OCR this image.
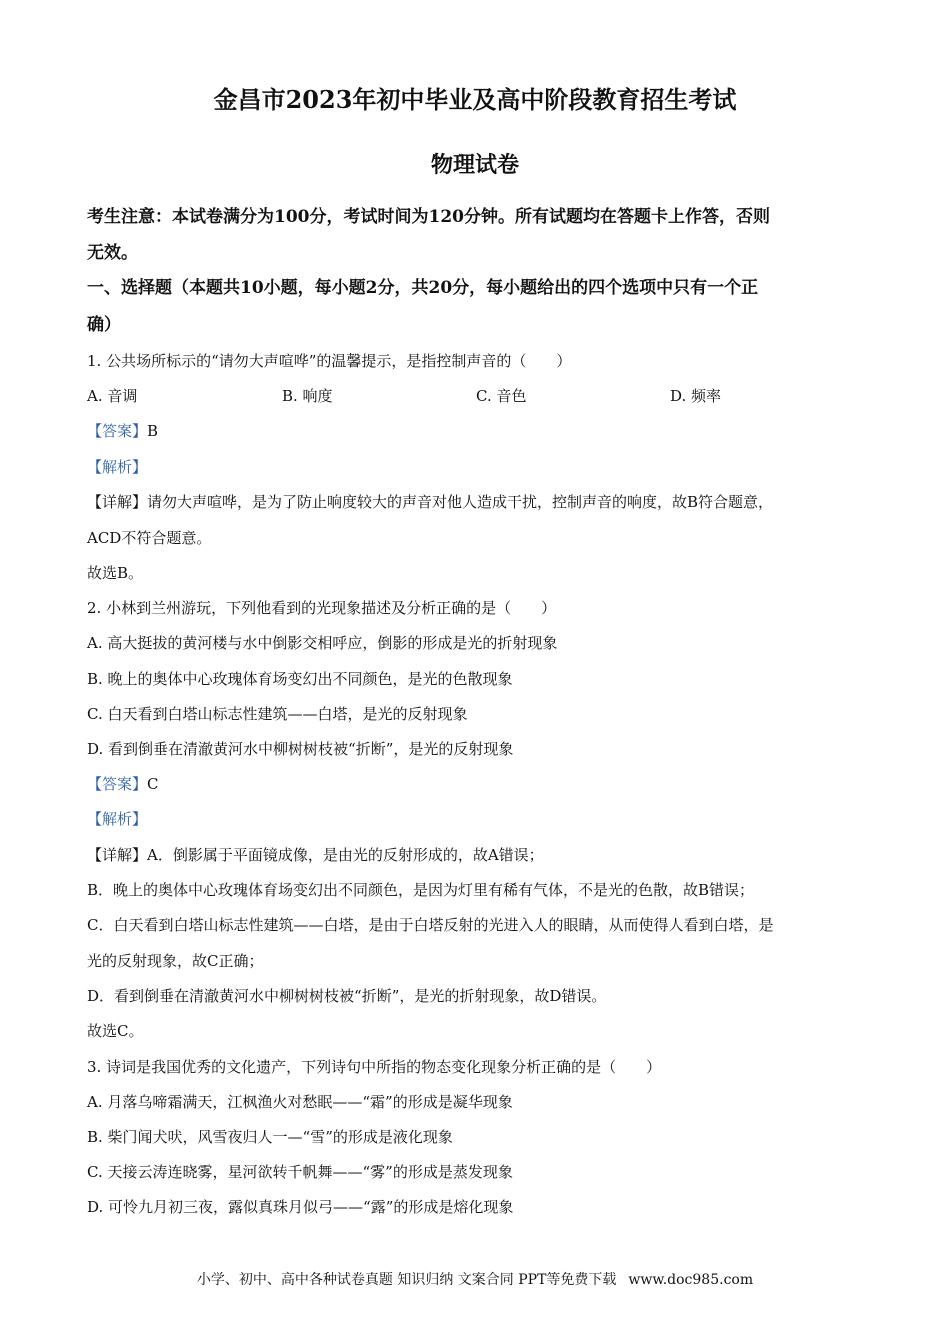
金昌市2023年初中毕业及高中阶段教育招生考试
物理试卷
考生注意：本试卷满分为100分，考试时间为120分钟。所有试题均在答题卡上作答，否则
无效。
一、选择题（本题共10小题，每小题2分，共20分，每小题给出的四个选项中只有一个正
确）
1. 公共场所标示的“请勿大声喧哗”的温馨提示，是指控制声音的（　　）
A. 音调	B. 响度	C. 音色	D. 频率
【答案】B
【解析】
【详解】请勿大声喧哗，是为了防止响度较大的声音对他人造成干扰，控制声音的响度，故B符合题意，
ACD不符合题意。
故选B。
2. 小林到兰州游玩，下列他看到的光现象描述及分析正确的是（　　）
A. 高大挺拔的黄河楼与水中倒影交相呼应，倒影的形成是光的折射现象
B. 晚上的奥体中心玫瑰体育场变幻出不同颜色，是光的色散现象
C. 白天看到白塔山标志性建筑——白塔，是光的反射现象
D. 看到倒垂在清澈黄河水中柳树树枝被“折断”，是光的反射现象
【答案】C
【解析】
【详解】A．倒影属于平面镜成像，是由光的反射形成的，故A错误；
B．晚上的奥体中心玫瑰体育场变幻出不同颜色，是因为灯里有稀有气体，不是光的色散，故B错误；
C．白天看到白塔山标志性建筑——白塔，是由于白塔反射的光进入人的眼睛，从而使得人看到白塔，是
光的反射现象，故C正确；
D．看到倒垂在清澈黄河水中柳树树枝被“折断”，是光的折射现象，故D错误。
故选C。
3. 诗词是我国优秀的文化遗产，下列诗句中所指的物态变化现象分析正确的是（　　）
A. 月落乌啼霜满天，江枫渔火对愁眠——“霜”的形成是凝华现象
B. 柴门闻犬吠，风雪夜归人一—“雪”的形成是液化现象
C. 天接云涛连晓雾，星河欲转千帆舞——“雾”的形成是蒸发现象
D. 可怜九月初三夜，露似真珠月似弓——“露”的形成是熔化现象
小学、初中、高中各种试卷真题 知识归纳 文案合同 PPT等免费下载 www.doc985.com
